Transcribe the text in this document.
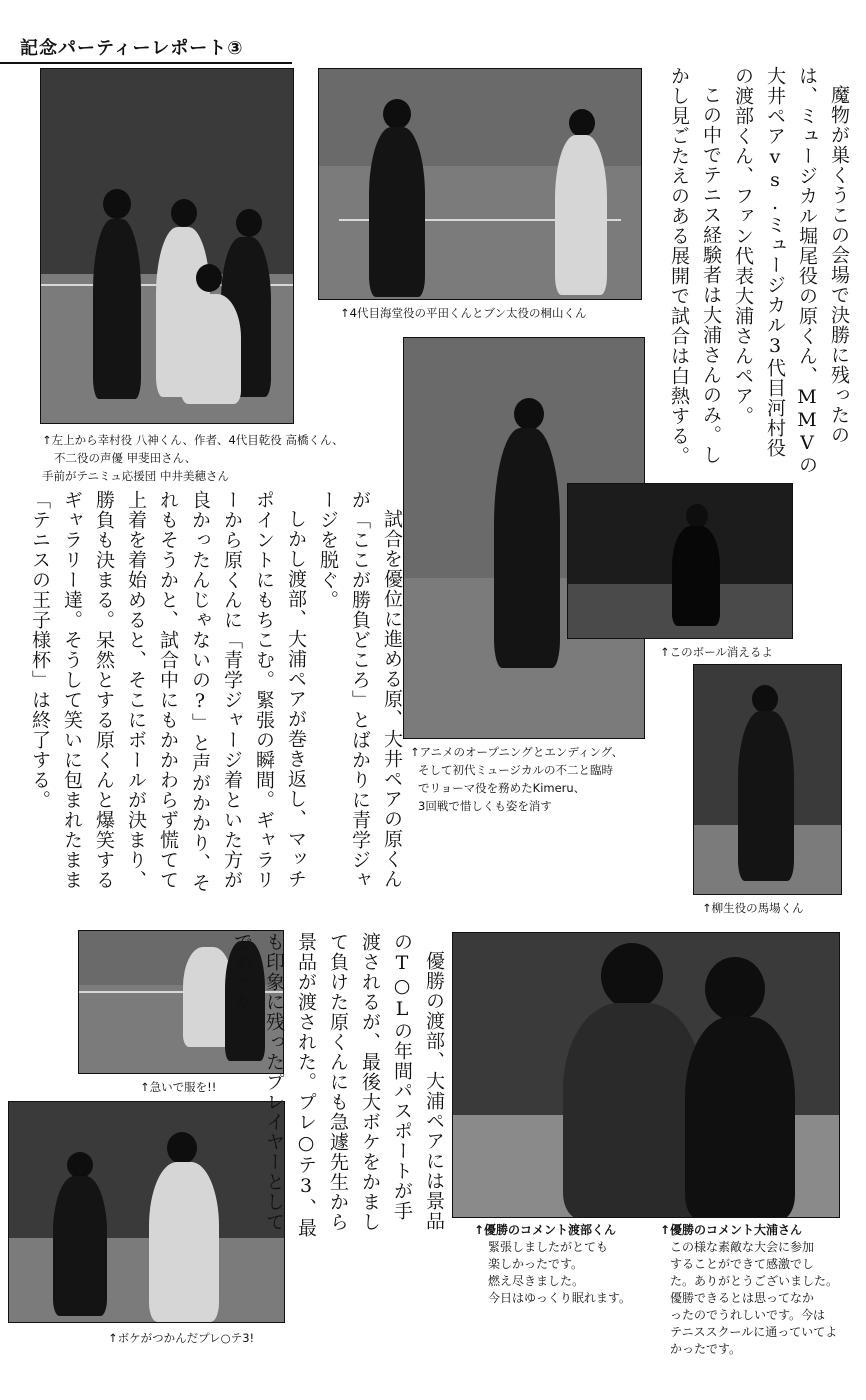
記念パーティーレポート③
↑左上から幸村役 八神くん、作者、4代目乾役 高橋くん、
不二役の声優 甲斐田さん、
手前がテニミュ応援団 中井美穂さん
↑4代目海堂役の平田くんとブン太役の桐山くん	魔物が巣くうこの会場で決勝に残ったのは、ミュージカル堀尾役の原くん、MMVの大井ペアvs.ミュージカル3代目河村役の渡部くん、ファン代表大浦さんペア。

この中でテニス経験者は大浦さんのみ。しかし見ごたえのある展開で試合は白熱する。

↑このボール消えるよ
↑柳生役の馬場くん
↑アニメのオープニングとエンディング、
そして初代ミュージカルの不二と臨時
でリョーマ役を務めたKimeru、
3回戦で惜しくも姿を消す

試合を優位に進める原、大井ペアの原くんが「ここが勝負どころ」とばかりに青学ジャージを脱ぐ。

しかし渡部、大浦ペアが巻き返し、マッチポイントにもちこむ。緊張の瞬間。ギャラリーから原くんに「青学ジャージ着といた方が良かったんじゃないの?」と声がかかり、それもそうかと、試合中にもかかわらず慌てて上着を着始めると、そこにボールが決まり、勝負も決まる。呆然とする原くんと爆笑するギャラリー達。そうして笑いに包まれたまま「テニスの王子様杯」は終了する。

↑急いで服を!!
↑ボケがつかんだプレ○テ3!

優勝の渡部、大浦ペアには景品のT○Lの年間パスポートが手渡されるが、最後大ボケをかまして負けた原くんにも急遽先生から景品が渡された。プレ○テ3、最も印象に残ったプレイヤーとしてであった。

↑優勝のコメント渡部くん
緊張しましたがとても
楽しかったです。
燃え尽きました。
今日はゆっくり眠れます。
↑優勝のコメント大浦さん
この様な素敵な大会に参加
することができて感激でし
た。ありがとうございました。
優勝できるとは思ってなか
ったのでうれしいです。今は
テニススクールに通っていてよ
かったです。
